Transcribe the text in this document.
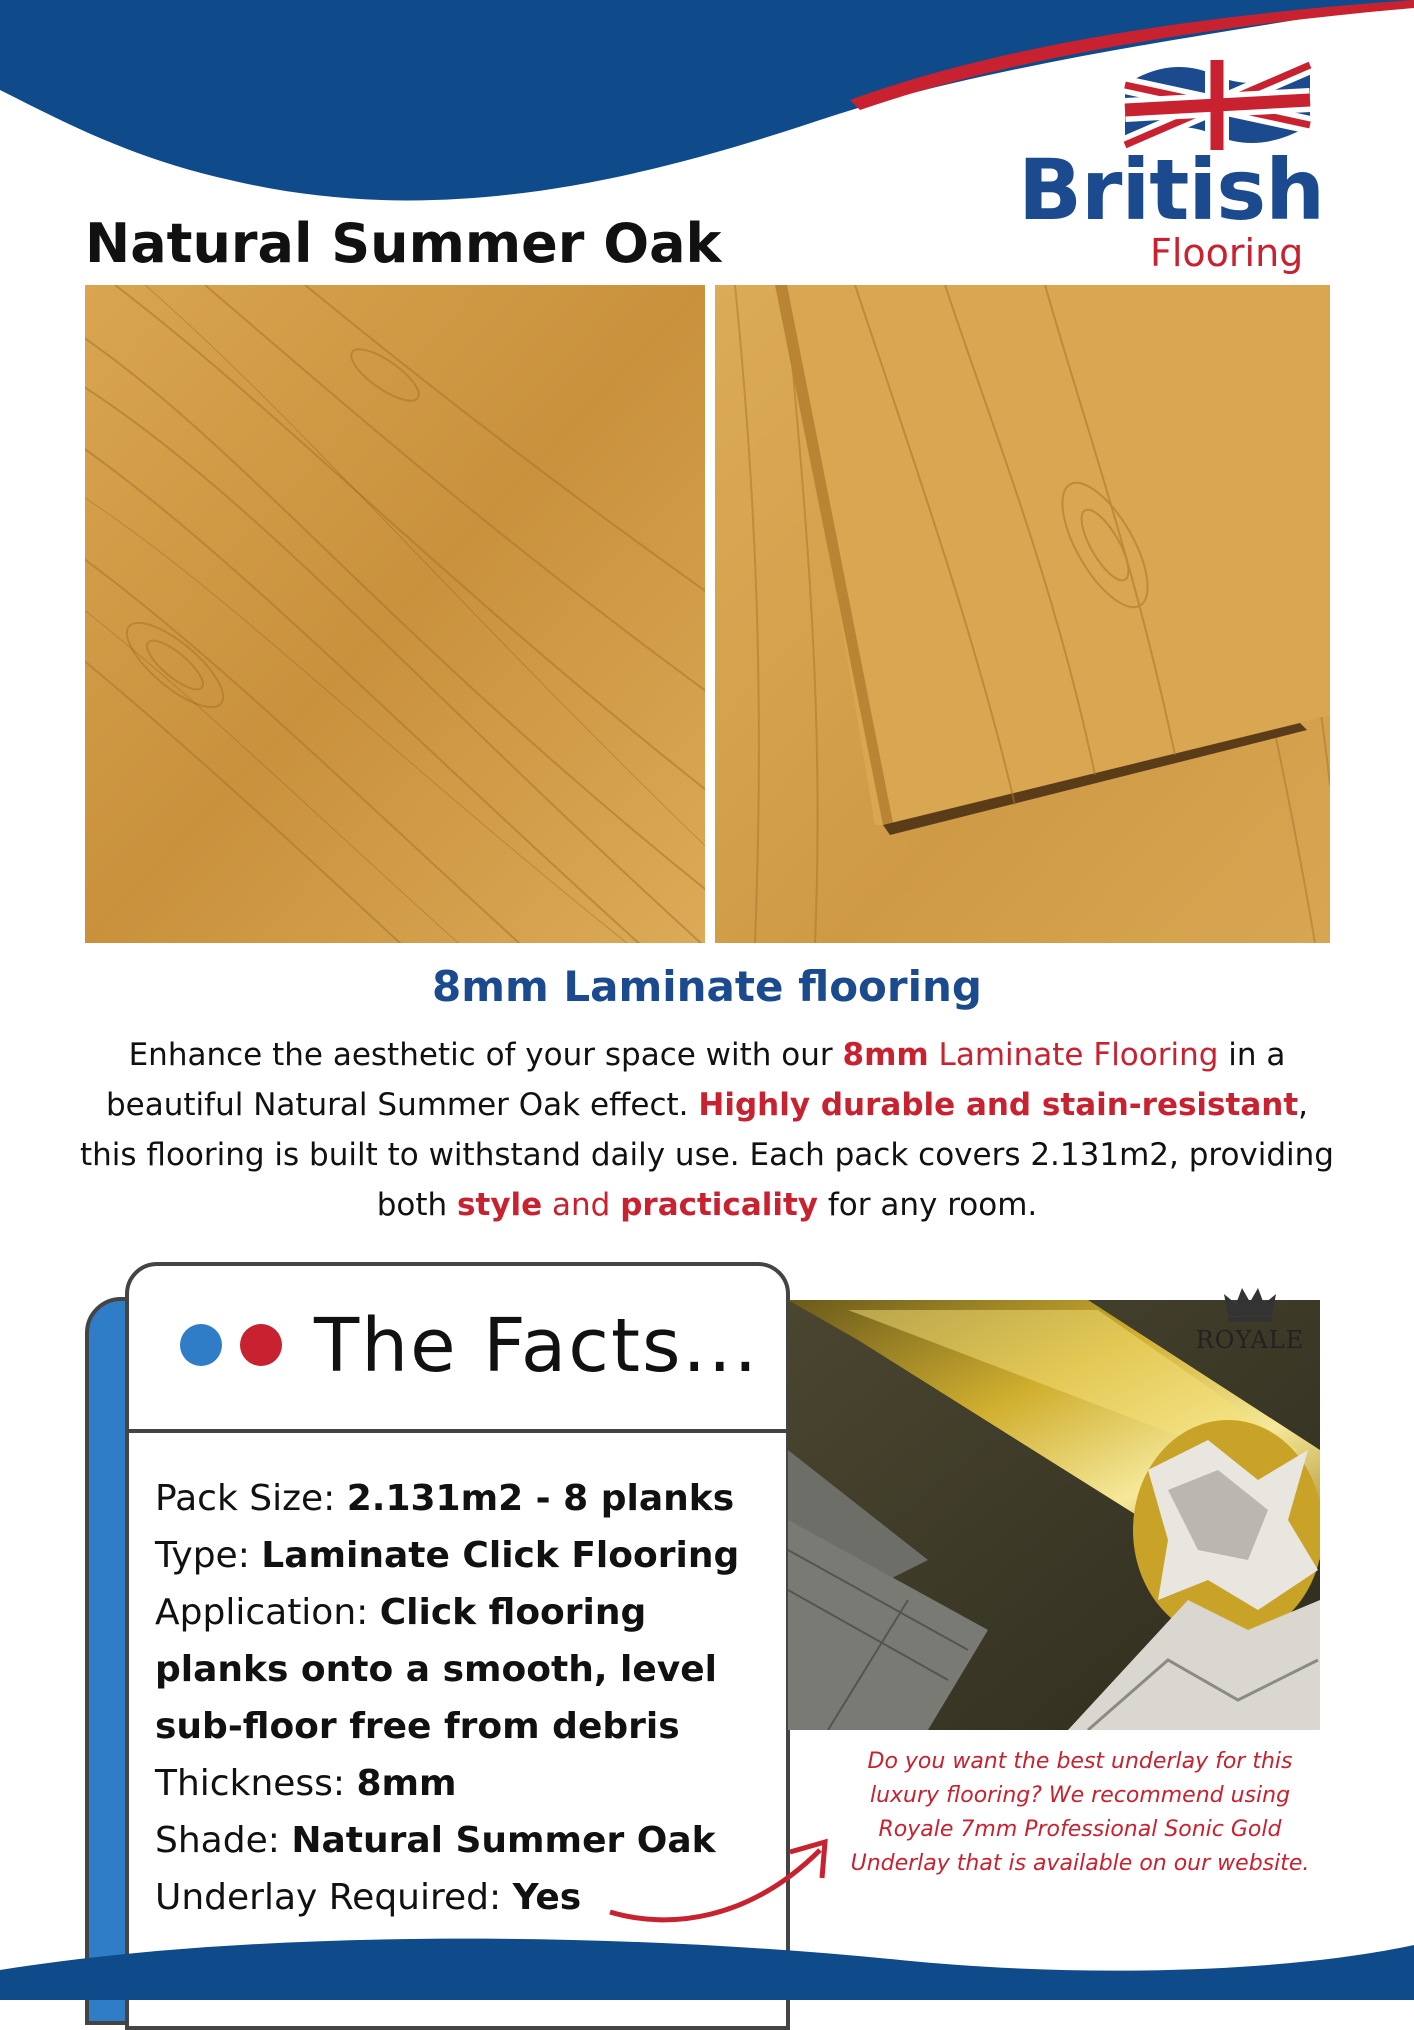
British
Flooring
Natural Summer Oak
8mm Laminate flooring
Enhance the aesthetic of your space with our 8mm Laminate Flooring in a beautiful Natural Summer Oak effect. Highly durable and stain-resistant, this flooring is built to withstand daily use. Each pack covers 2.131m2, providing both style and practicality for any room.
The Facts...
Pack Size: 2.131m2 - 8 planks
Type: Laminate Click Flooring
Application: Click flooring planks onto a smooth, level sub-floor free from debris
Thickness: 8mm
Shade: Natural Summer Oak
Underlay Required: Yes
ROYALE
Do you want the best underlay for this luxury flooring? We recommend using Royale 7mm Professional Sonic Gold Underlay that is available on our website.
